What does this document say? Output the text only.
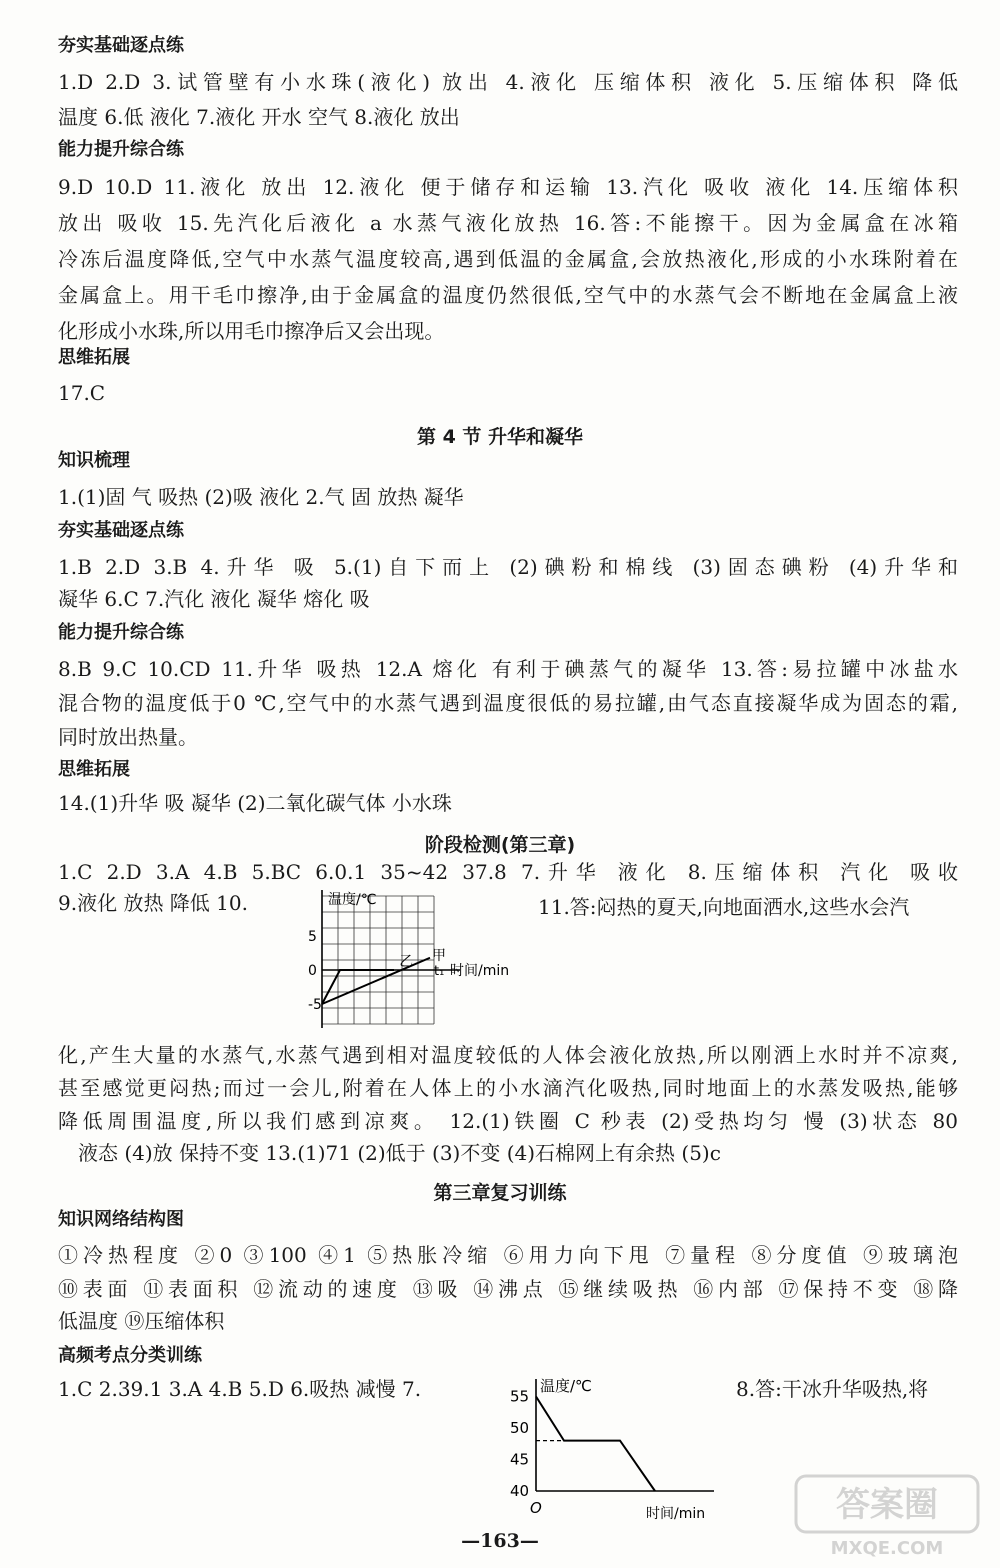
夯实基础逐点练
1.D 2.D 3.试管壁有小水珠(液化) 放出 4.液化 压缩体积 液化 5.压缩体积 降低
温度 6.低 液化 7.液化 开水 空气 8.液化 放出
能力提升综合练
9.D 10.D 11.液化 放出 12.液化 便于储存和运输 13.汽化 吸收 液化 14.压缩体积
放出 吸收 15.先汽化后液化 a 水蒸气液化放热 16.答:不能擦干。因为金属盒在冰箱
冷冻后温度降低,空气中水蒸气温度较高,遇到低温的金属盒,会放热液化,形成的小水珠附着在
金属盒上。用干毛巾擦净,由于金属盒的温度仍然很低,空气中的水蒸气会不断地在金属盒上液
化形成小水珠,所以用毛巾擦净后又会出现。
思维拓展
17.C
第 4 节 升华和凝华
知识梳理
1.(1)固 气 吸热 (2)吸 液化 2.气 固 放热 凝华
夯实基础逐点练
1.B 2.D 3.B 4.升华 吸 5.(1)自下而上 (2)碘粉和棉线 (3)固态碘粉 (4)升华和
凝华 6.C 7.汽化 液化 凝华 熔化 吸
能力提升综合练
8.B 9.C 10.CD 11.升华 吸热 12.A 熔化 有利于碘蒸气的凝华 13.答:易拉罐中冰盐水
混合物的温度低于0 ℃,空气中的水蒸气遇到温度很低的易拉罐,由气态直接凝华成为固态的霜,
同时放出热量。
思维拓展
14.(1)升华 吸 凝华 (2)二氧化碳气体 小水珠
阶段检测(第三章)
1.C 2.D 3.A 4.B 5.BC 6.0.1 35~42 37.8 7.升华 液化 8.压缩体积 汽化 吸收
9.液化 放热 降低 10.	11.答:闷热的夏天,向地面洒水,这些水会汽
温度/℃
t₁ 时间/min
5
0
-5
甲
乙
化,产生大量的水蒸气,水蒸气遇到相对温度较低的人体会液化放热,所以刚洒上水时并不凉爽,
甚至感觉更闷热;而过一会儿,附着在人体上的小水滴汽化吸热,同时地面上的水蒸发吸热,能够
降低周围温度,所以我们感到凉爽。 12.(1)铁圈 C 秒表 (2)受热均匀 慢 (3)状态 80
液态 (4)放 保持不变 13.(1)71 (2)低于 (3)不变 (4)石棉网上有余热 (5)c
第三章复习训练
知识网络结构图
①冷热程度 ②0 ③100 ④1 ⑤热胀冷缩 ⑥用力向下甩 ⑦量程 ⑧分度值 ⑨玻璃泡
⑩表面 ⑪表面积 ⑫流动的速度 ⑬吸 ⑭沸点 ⑮继续吸热 ⑯内部 ⑰保持不变 ⑱降
低温度 ⑲压缩体积
高频考点分类训练
1.C 2.39.1 3.A 4.B 5.D 6.吸热 减慢 7.	8.答:干冰升华吸热,将
温度/℃
时间/min
O
55
50
45
40
—163—
答案圈
MXQE.COM
